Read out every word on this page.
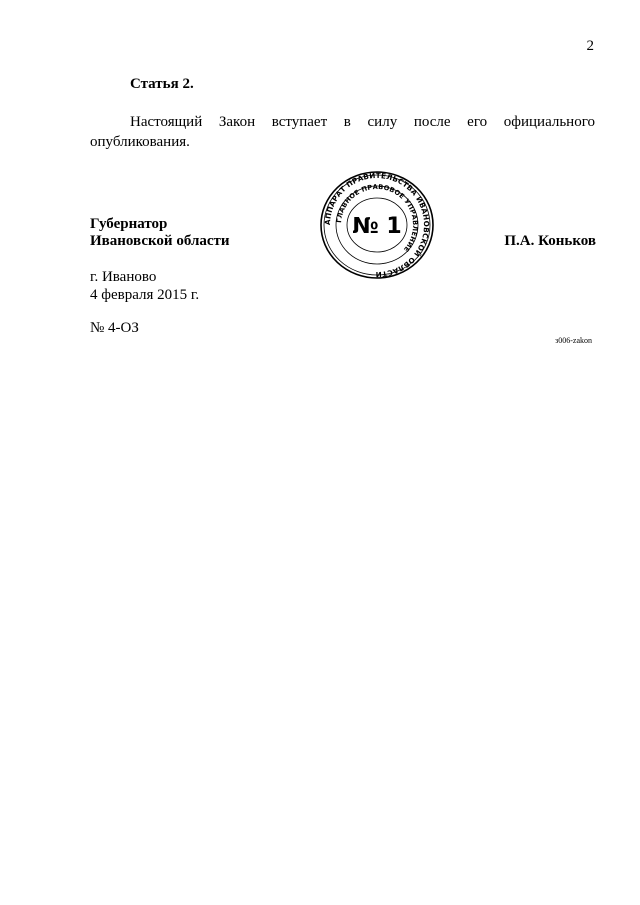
2
Статья 2.
Настоящий Закон вступает в силу после его официального опубликования.
Губернатор
Ивановской области	П.А. Коньков
АППАРАТ ПРАВИТЕЛЬСТВА ИВАНОВСКОЙ ОБЛАСТИ
ГЛАВНОЕ ПРАВОВОЕ УПРАВЛЕНИЕ
№ 1
г. Иваново
4 февраля 2015 г.
№ 4-ОЗ
з006-zakon
